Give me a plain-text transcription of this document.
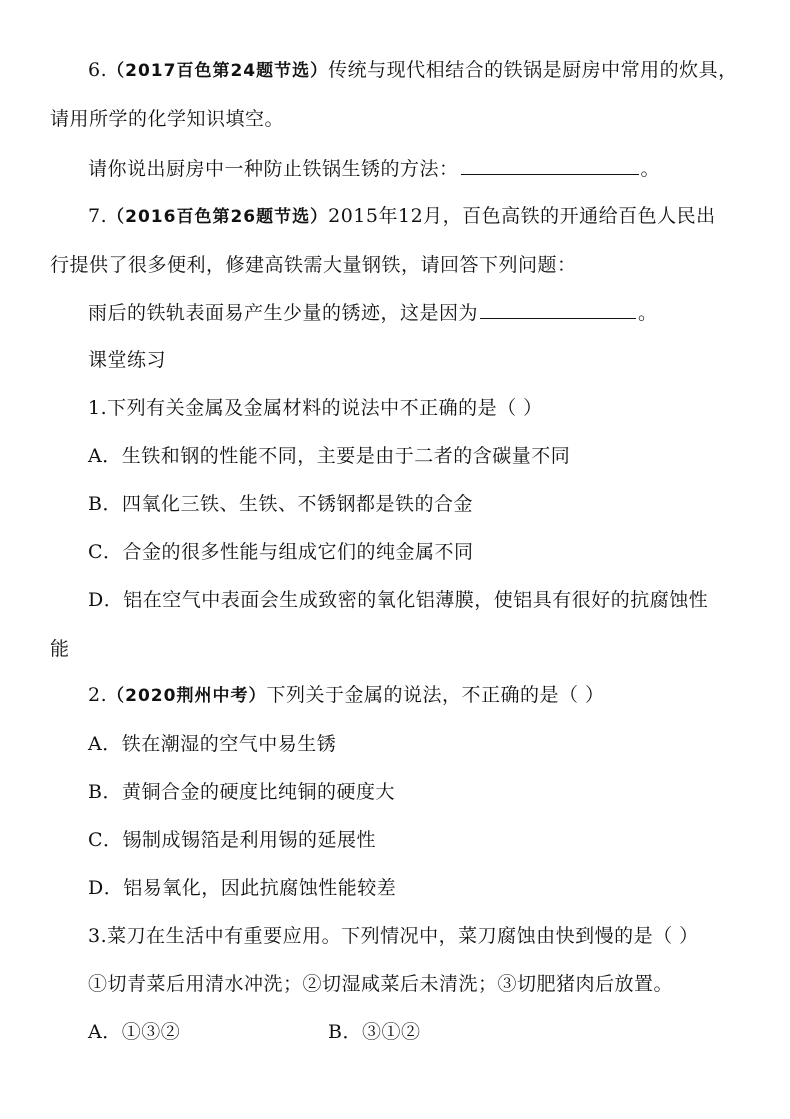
6.（2017百色第24题节选）传统与现代相结合的铁锅是厨房中常用的炊具，
请用所学的化学知识填空。
请你说出厨房中一种防止铁锅生锈的方法：	。
7.（2016百色第26题节选）2015年12月，百色高铁的开通给百色人民出
行提供了很多便利，修建高铁需大量钢铁，请回答下列问题：
雨后的铁轨表面易产生少量的锈迹，这是因为	。
课堂练习
1.下列有关金属及金属材料的说法中不正确的是（ ）
A．生铁和钢的性能不同，主要是由于二者的含碳量不同
B．四氧化三铁、生铁、不锈钢都是铁的合金
C．合金的很多性能与组成它们的纯金属不同
D．铝在空气中表面会生成致密的氧化铝薄膜，使铝具有很好的抗腐蚀性
能
2.（2020荆州中考）下列关于金属的说法，不正确的是（ ）
A．铁在潮湿的空气中易生锈
B．黄铜合金的硬度比纯铜的硬度大
C．锡制成锡箔是利用锡的延展性
D．铝易氧化，因此抗腐蚀性能较差
3.菜刀在生活中有重要应用。下列情况中，菜刀腐蚀由快到慢的是（ ）
①切青菜后用清水冲洗；②切湿咸菜后未清洗；③切肥猪肉后放置。
A．①③②	B．③①②
